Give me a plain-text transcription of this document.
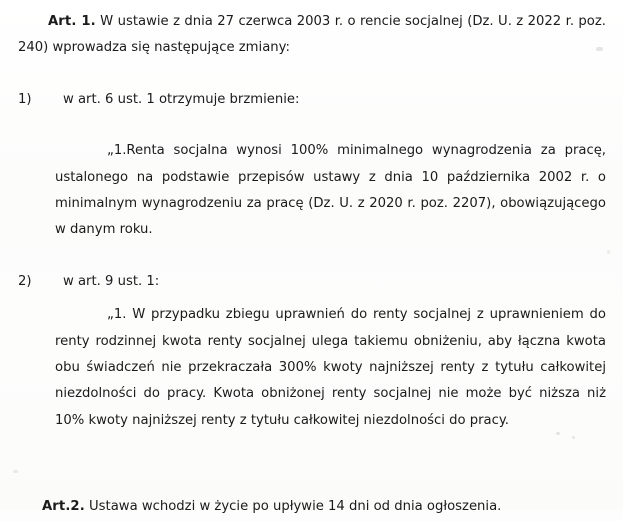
Art. 1. W ustawie z dnia 27 czerwca 2003 r. o rencie socjalnej (Dz. U. z 2022 r. poz. 240) wprowadza się następujące zmiany:

1)	w art. 6 ust. 1 otrzymuje brzmienie:

„1.Renta socjalna wynosi 100% minimalnego wynagrodzenia za pracę, ustalonego na podstawie przepisów ustawy z dnia 10 października 2002 r. o minimalnym wynagrodzeniu za pracę (Dz. U. z 2020 r. poz. 2207), obowiązującego w danym roku.

2)	w art. 9 ust. 1:

„1. W przypadku zbiegu uprawnień do renty socjalnej z uprawnieniem do renty rodzinnej kwota renty socjalnej ulega takiemu obniżeniu, aby łączna kwota obu świadczeń nie przekraczała 300% kwoty najniższej renty z tytułu całkowitej niezdolności do pracy. Kwota obniżonej renty socjalnej nie może być niższa niż 10% kwoty najniższej renty z tytułu całkowitej niezdolności do pracy.

Art.2. Ustawa wchodzi w życie po upływie 14 dni od dnia ogłoszenia.
